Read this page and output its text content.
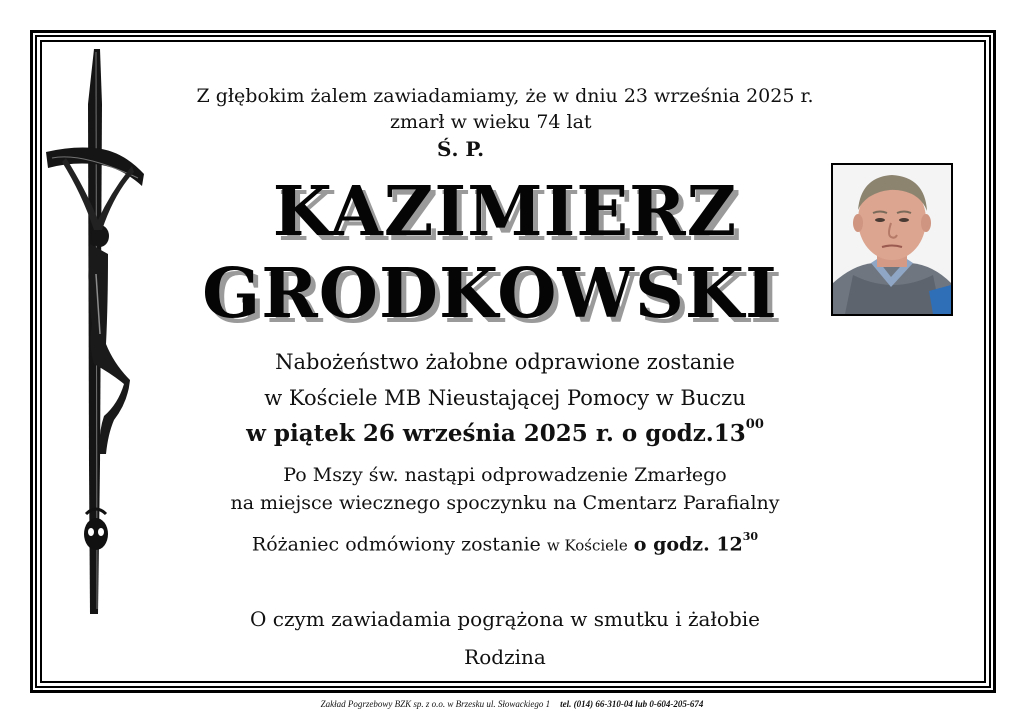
Z głębokim żalem zawiadamiamy, że w dniu 23 września 2025 r.
zmarł w wieku 74 lat
Ś. P.
KAZIMIERZ
GRODKOWSKI
Nabożeństwo żałobne odprawione zostanie
w Kościele MB Nieustającej Pomocy w Buczu
w piątek 26 września 2025 r. o $godz.13^{00}$
Po Mszy św. nastąpi odprowadzenie Zmarłego
na miejsce wiecznego spoczynku na Cmentarz Parafialny
Różaniec odmówiony zostanie w Kościele o godz. $12^{30}$
O czym zawiadamia pogrążona w smutku i żałobie
Rodzina
Zakład Pogrzebowy BZK sp. z o.o. w Brzesku ul. Słowackiego 1 tel. (014) 66-310-04 lub 0-604-205-674
